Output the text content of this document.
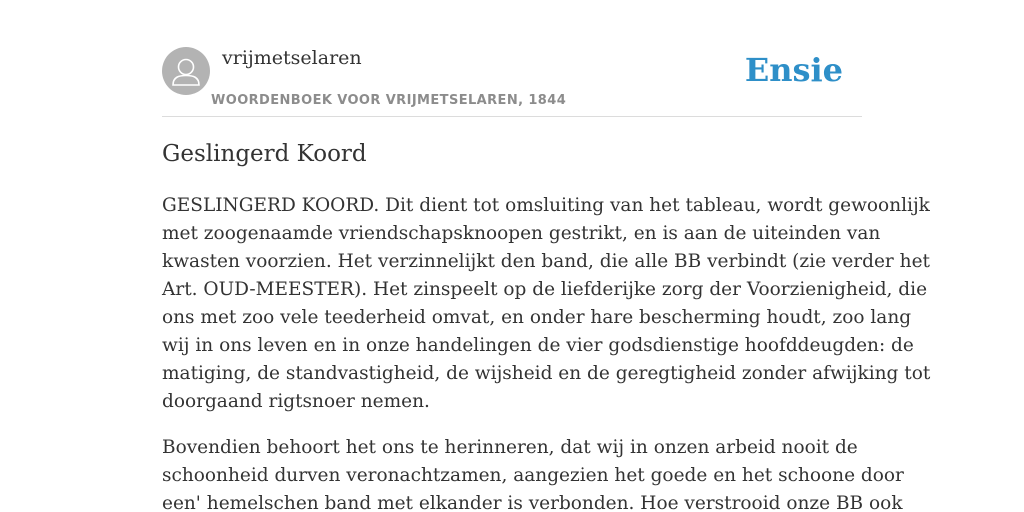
vrijmetselaren
WOORDENBOEK VOOR VRIJMETSELAREN, 1844
Ensie
Geslingerd Koord

GESLINGERD KOORD. Dit dient tot omsluiting van het tableau, wordt gewoonlijk
met zoogenaamde vriendschapsknoopen gestrikt, en is aan de uiteinden van
kwasten voorzien. Het verzinnelijkt den band, die alle BB verbindt (zie verder het
Art. OUD-MEESTER). Het zinspeelt op de liefderijke zorg der Voorzienigheid, die
ons met zoo vele teederheid omvat, en onder hare bescherming houdt, zoo lang
wij in ons leven en in onze handelingen de vier godsdienstige hoofddeugden: de
matiging, de standvastigheid, de wijsheid en de geregtigheid zonder afwijking tot
doorgaand rigtsnoer nemen.

Bovendien behoort het ons te herinneren, dat wij in onzen arbeid nooit de
schoonheid durven veronachtzamen, aangezien het goede en het schoone door
een' hemelschen band met elkander is verbonden. Hoe verstrooid onze BB ook
